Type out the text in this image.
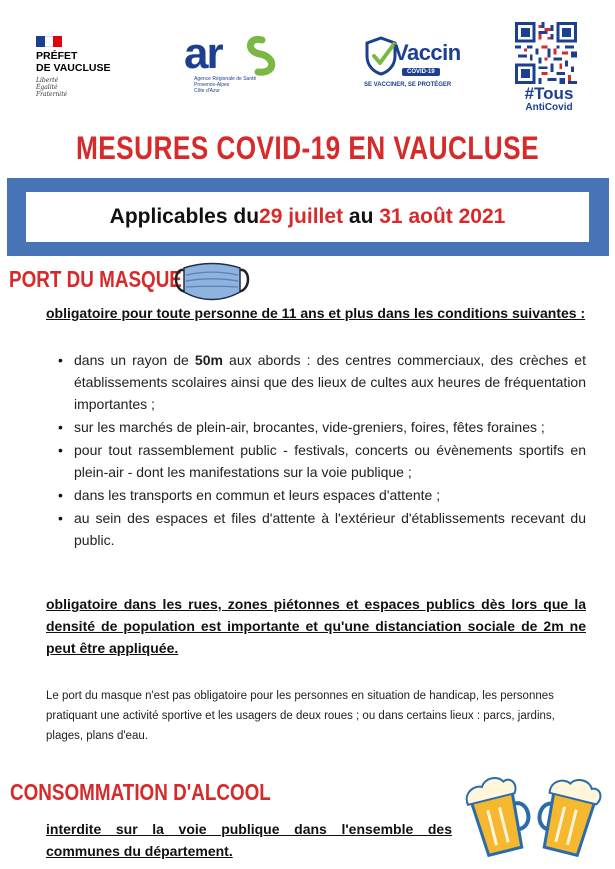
PRÉFET
DE VAUCLUSE
Liberté
Égalité
Fraternité
ar
Agence Régionale de Santé
Provence-Alpes
Côte d'Azur
Vaccin
COVID-19
SE VACCINER, SE PROTÉGER	#Tous
AntiCovid
MESURES COVID-19 EN VAUCLUSE
Applicables du 29 juillet au 31 août 2021
PORT DU MASQUE
obligatoire pour toute personne de 11 ans et plus dans les conditions suivantes :
• dans un rayon de 50m aux abords : des centres commerciaux, des crèches et établissements scolaires ainsi que des lieux de cultes aux heures de fréquentation importantes ;
• sur les marchés de plein-air, brocantes, vide-greniers, foires, fêtes foraines ;
• pour tout rassemblement public - festivals, concerts ou évènements sportifs en plein-air - dont les manifestations sur la voie publique ;
• dans les transports en commun et leurs espaces d'attente ;
• au sein des espaces et files d'attente à l'extérieur d'établissements recevant du public.
obligatoire dans les rues, zones piétonnes et espaces publics dès lors que la densité de population est importante et qu'une distanciation sociale de 2m ne peut être appliquée.
Le port du masque n'est pas obligatoire pour les personnes en situation de handicap, les personnes pratiquant une activité sportive et les usagers de deux roues ; ou dans certains lieux : parcs, jardins, plages, plans d'eau.
CONSOMMATION D'ALCOOL
interdite sur la voie publique dans l'ensemble des communes du département.
